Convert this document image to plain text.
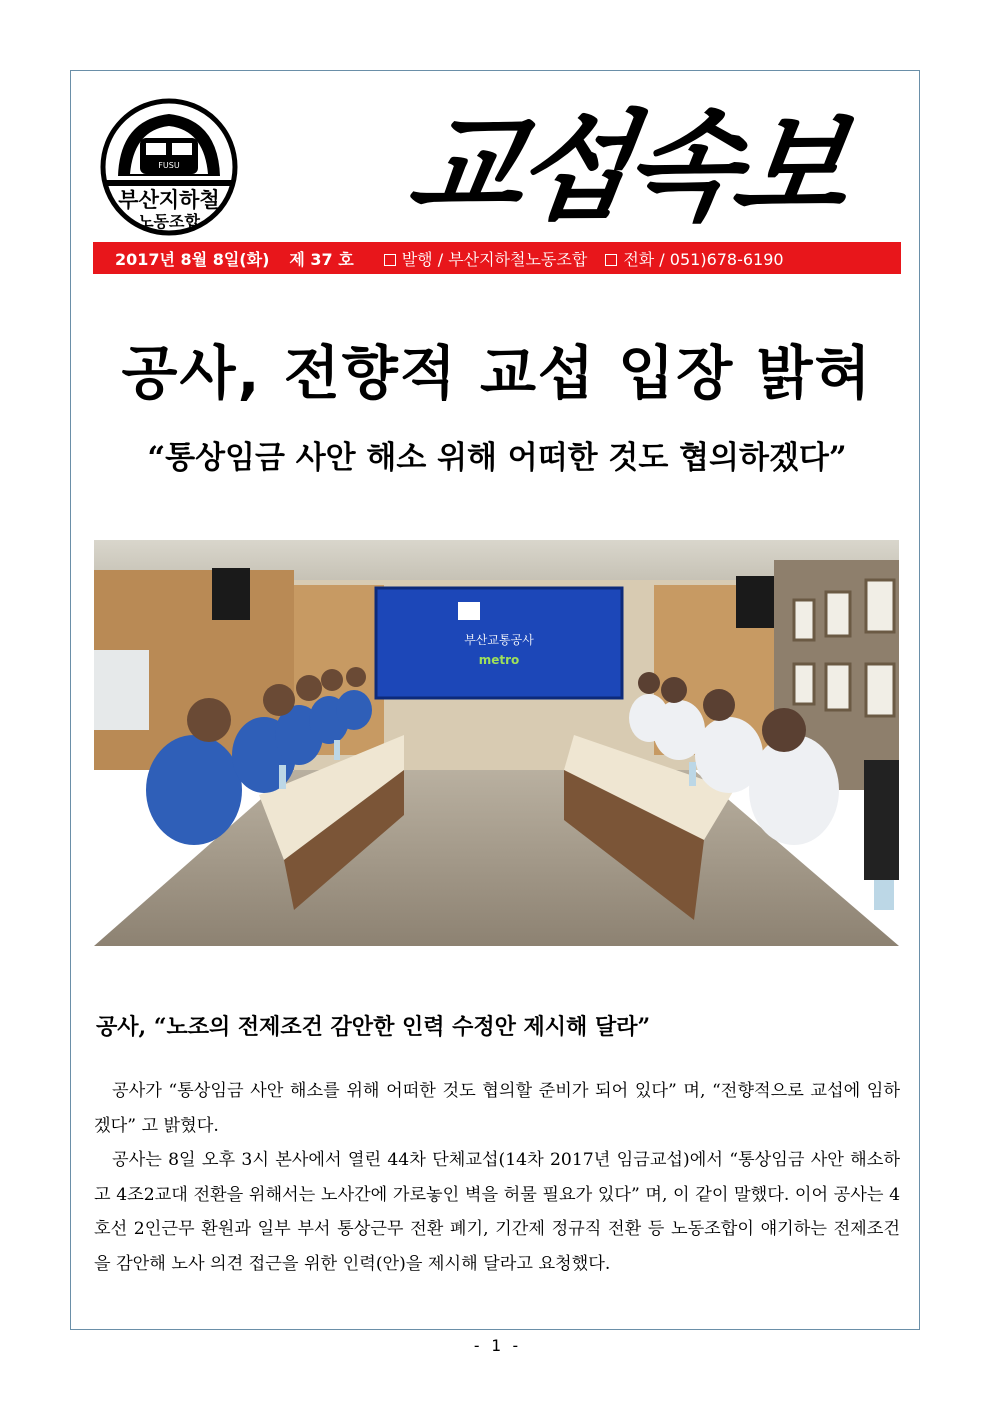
FUSU
부산지하철
노동조합 교섭속보
2017년 8월 8일(화) 제 37 호	발행 / 부산지하철노동조합	전화 / 051)678-6190
공사, 전향적 교섭 입장 밝혀
“통상임금 사안 해소 위해 어떠한 것도 협의하겠다”
부산교통공사
metro
공사, “노조의 전제조건 감안한 인력 수정안 제시해 달라”

공사가 “통상임금 사안 해소를 위해 어떠한 것도 협의할 준비가 되어 있다” 며, “전향적으로 교섭에 임하겠다” 고 밝혔다.

공사는 8일 오후 3시 본사에서 열린 44차 단체교섭(14차 2017년 임금교섭)에서 “통상임금 사안 해소하고 4조2교대 전환을 위해서는 노사간에 가로놓인 벽을 허물 필요가 있다” 며, 이 같이 말했다. 이어 공사는 4호선 2인근무 환원과 일부 부서 통상근무 전환 폐기, 기간제 정규직 전환 등 노동조합이 얘기하는 전제조건을 감안해 노사 의견 접근을 위한 인력(안)을 제시해 달라고 요청했다.

- 1 -
